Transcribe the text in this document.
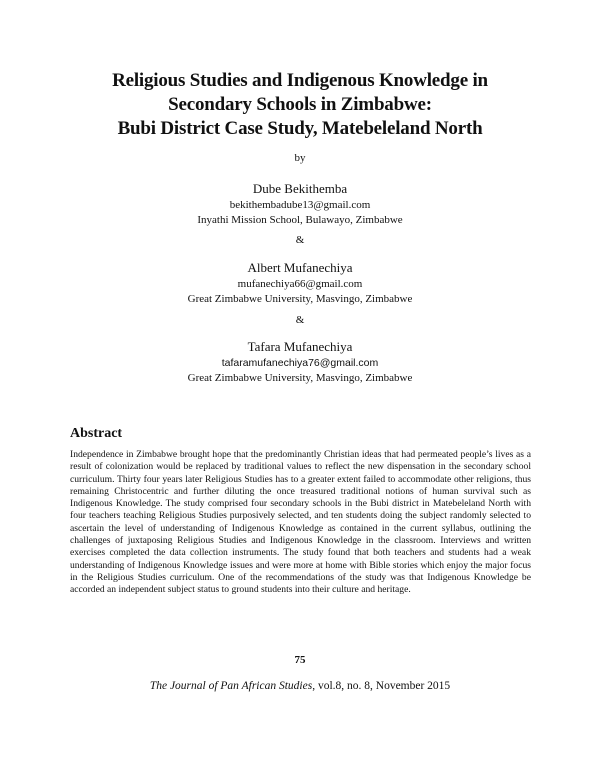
Religious Studies and Indigenous Knowledge in
Secondary Schools in Zimbabwe:
Bubi District Case Study, Matebeleland North
by
Dube Bekithemba
bekithembadube13@gmail.com
Inyathi Mission School, Bulawayo, Zimbabwe
&
Albert Mufanechiya
mufanechiya66@gmail.com
Great Zimbabwe University, Masvingo, Zimbabwe
&
Tafara Mufanechiya
tafaramufanechiya76@gmail.com
Great Zimbabwe University, Masvingo, Zimbabwe
Abstract
Independence in Zimbabwe brought hope that the predominantly Christian ideas that had permeated people’s lives as a result of colonization would be replaced by traditional values to reflect the new dispensation in the secondary school curriculum. Thirty four years later Religious Studies has to a greater extent failed to accommodate other religions, thus remaining Christocentric and further diluting the once treasured traditional notions of human survival such as Indigenous Knowledge. The study comprised four secondary schools in the Bubi district in Matebeleland North with four teachers teaching Religious Studies purposively selected, and ten students doing the subject randomly selected to ascertain the level of understanding of Indigenous Knowledge as contained in the current syllabus, outlining the challenges of juxtaposing Religious Studies and Indigenous Knowledge in the classroom. Interviews and written exercises completed the data collection instruments. The study found that both teachers and students had a weak understanding of Indigenous Knowledge issues and were more at home with Bible stories which enjoy the major focus in the Religious Studies curriculum. One of the recommendations of the study was that Indigenous Knowledge be accorded an independent subject status to ground students into their culture and heritage.
75
The Journal of Pan African Studies, vol.8, no. 8, November 2015
